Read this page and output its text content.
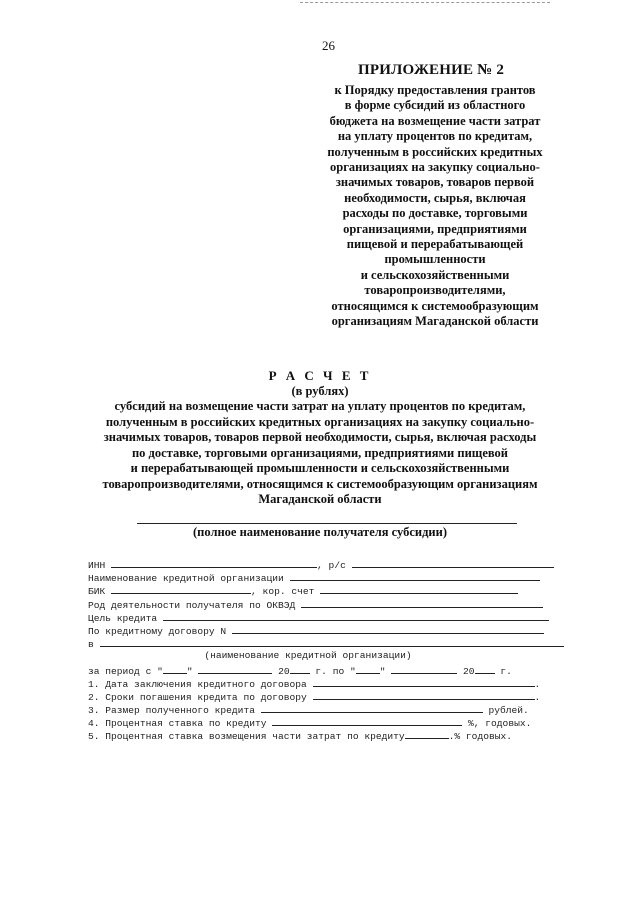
26
ПРИЛОЖЕНИЕ № 2
к Порядку предоставления грантов
в форме субсидий из областного
бюджета на возмещение части затрат
на уплату процентов по кредитам,
полученным в российских кредитных
организациях на закупку социально-
значимых товаров, товаров первой
необходимости, сырья, включая
расходы по доставке, торговыми
организациями, предприятиями
пищевой и перерабатывающей
промышленности
и сельскохозяйственными
товаропроизводителями,
относящимся к системообразующим
организациям Магаданской области
Р А С Ч Е Т
(в рублях)
субсидий на возмещение части затрат на уплату процентов по кредитам,
полученным в российских кредитных организациях на закупку социально-
значимых товаров, товаров первой необходимости, сырья, включая расходы
по доставке, торговыми организациями, предприятиями пищевой
и перерабатывающей промышленности и сельскохозяйственными
товаропроизводителями, относящимся к системообразующим организациям
Магаданской области
(полное наименование получателя субсидии)
ИНН	, р/с
Наименование кредитной организации
БИК	, кор. счет
Род деятельности получателя по ОКВЭД
Цель кредита
По кредитному договору N
в
(наименование кредитной организации)
за период с "	"	20	г. по "	"	20	г.
1. Дата заключения кредитного договора	.
2. Сроки погашения кредита по договору	.
3. Размер полученного кредита	рублей.
4. Процентная ставка по кредиту	%, годовых.
5. Процентная ставка возмещения части затрат по кредиту	.% годовых.
